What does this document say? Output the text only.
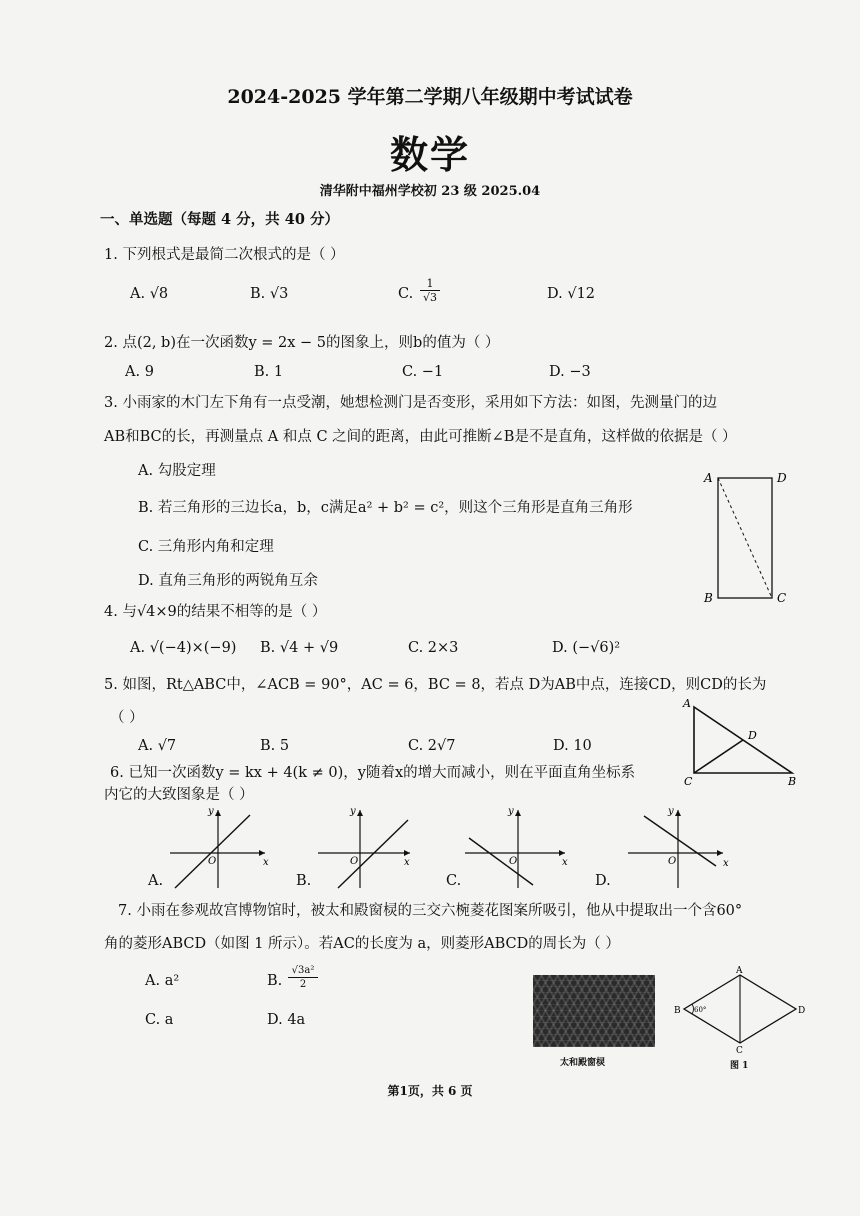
2024-2025 学年第二学期八年级期中考试试卷
数学
清华附中福州学校初 23 级 2025.04
一、单选题（每题 4 分，共 40 分）
1. 下列根式是最简二次根式的是（ ）
A. √8	B. √3	C. $\frac{1}{√3}$	D. √12
2. 点(2, b)在一次函数y = 2x − 5的图象上，则b的值为（ ）
A. 9	B. 1	C. −1	D. −3
3. 小雨家的木门左下角有一点受潮，她想检测门是否变形，采用如下方法：如图，先测量门的边
AB和BC的长，再测量点 A 和点 C 之间的距离，由此可推断∠B是不是直角，这样做的依据是（ ）
A. 勾股定理
B. 若三角形的三边长a，b，c满足a² + b² = c²，则这个三角形是直角三角形
C. 三角形内角和定理
D. 直角三角形的两锐角互余
A	D
B	C
4. 与√4×9的结果不相等的是（ ）
A. √(−4)×(−9) B. √4 + √9	C. 2×3	D. (−√6)²
5. 如图，Rt△ABC中，∠ACB = 90°，AC = 6，BC = 8，若点 D为AB中点，连接CD，则CD的长为
（ ）
A. √7	B. 5	C. 2√7	D. 10
A
D
C	B
6. 已知一次函数y = kx + 4(k ≠ 0)，y随着x的增大而减小，则在平面直角坐标系
内它的大致图象是（ ）
y
x
O
y
x
O
y
x
O
y
x
O
A.	B.	C.	D.
7. 小雨在参观故宫博物馆时，被太和殿窗棂的三交六椀菱花图案所吸引，他从中提取出一个含60°
角的菱形ABCD（如图 1 所示）。若AC的长度为 a，则菱形ABCD的周长为（ ）
A. a²	B. $\frac{\text{√3a²}}{2}$
C. a	D. 4a
太和殿窗棂
A
B
C
D
60°
图 1
第1页，共 6 页
